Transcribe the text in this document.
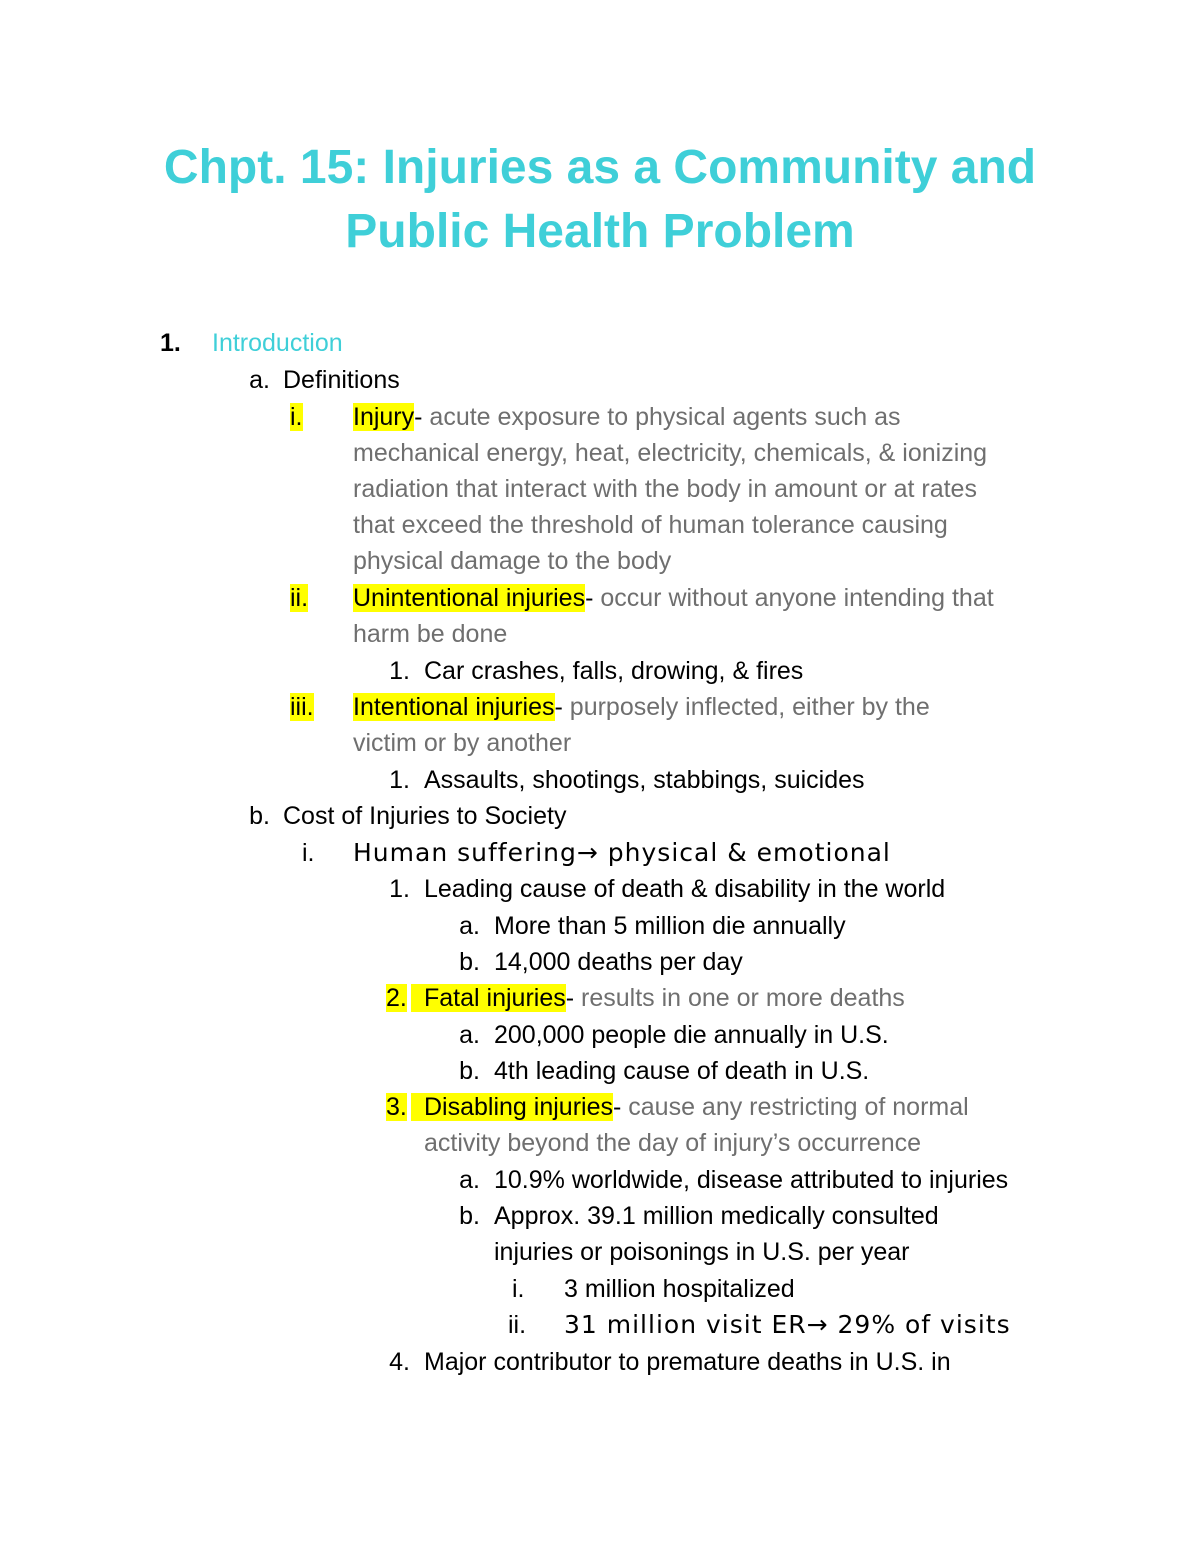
Chpt. 15: Injuries as a Community and
Public Health Problem
1.	Introduction
a. Definitions
i.	Injury- acute exposure to physical agents such as
mechanical energy, heat, electricity, chemicals, & ionizing
radiation that interact with the body in amount or at rates
that exceed the threshold of human tolerance causing
physical damage to the body
ii.	Unintentional injuries- occur without anyone intending that
harm be done
1. Car crashes, falls, drowing, & fires
iii. Intentional injuries- purposely inflected, either by the
victim or by another
1. Assaults, shootings, stabbings, suicides
b. Cost of Injuries to Society
i.	Human suffering→ physical & emotional
1. Leading cause of death & disability in the world
a. More than 5 million die annually
b. 14,000 deaths per day
2. Fatal injuries- results in one or more deaths
a. 200,000 people die annually in U.S.
b. 4th leading cause of death in U.S.
3. Disabling injuries- cause any restricting of normal
activity beyond the day of injury’s occurrence
a. 10.9% worldwide, disease attributed to injuries
b. Approx. 39.1 million medically consulted
injuries or poisonings in U.S. per year
i.	3 million hospitalized
ii.	31 million visit ER→ 29% of visits
4. Major contributor to premature deaths in U.S. in
